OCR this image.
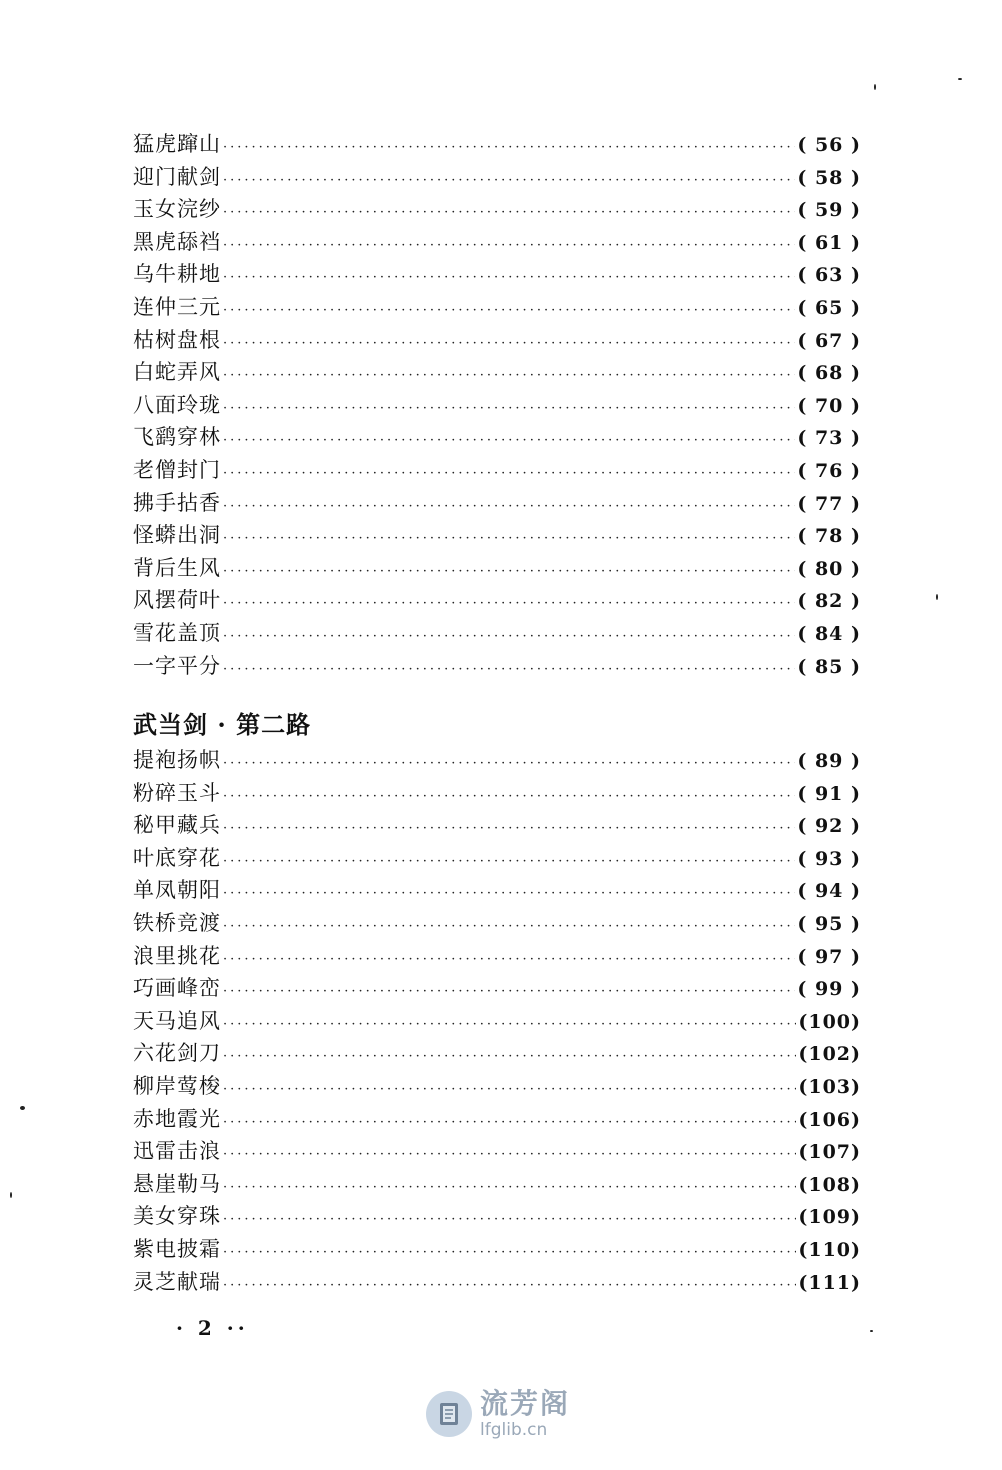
猛虎蹿山 ·····	( 56 )
迎门献剑 ·····	( 58 )
玉女浣纱 ·····	( 59 )
黑虎舔裆 ·····	( 61 )
乌牛耕地 ·····	( 63 )
连仲三元 ·····	( 65 )
枯树盘根 ·····	( 67 )
白蛇弄风 ·····	( 68 )
八面玲珑 ·····	( 70 )
飞鹞穿林 ·····	( 73 )
老僧封门 ·····	( 76 )
拂手拈香 ·····	( 77 )
怪蟒出洞 ·····	( 78 )
背后生风 ·····	( 80 )
风摆荷叶 ·····	( 82 )
雪花盖顶 ·····	( 84 )
一字平分 ·····	( 85 )
武当剑 · 第二路
提袍扬帜 ·····	( 89 )
粉碎玉斗 ·····	( 91 )
秘甲藏兵 ·····	( 92 )
叶底穿花 ·····	( 93 )
单凤朝阳 ·····	( 94 )
铁桥竞渡 ·····	( 95 )
浪里挑花 ·····	( 97 )
巧画峰峦 ·····	( 99 )
天马追风 ·····	(100)
六花剑刀 ·····	(102)
柳岸莺梭 ·····	(103)
赤地霞光 ·····	(106)
迅雷击浪 ·····	(107)
悬崖勒马 ·····	(108)
美女穿珠 ·····	(109)
紫电披霜 ·····	(110)
灵芝献瑞 ·····	(111)
· 2 ··
流芳阁
lfglib.cn
